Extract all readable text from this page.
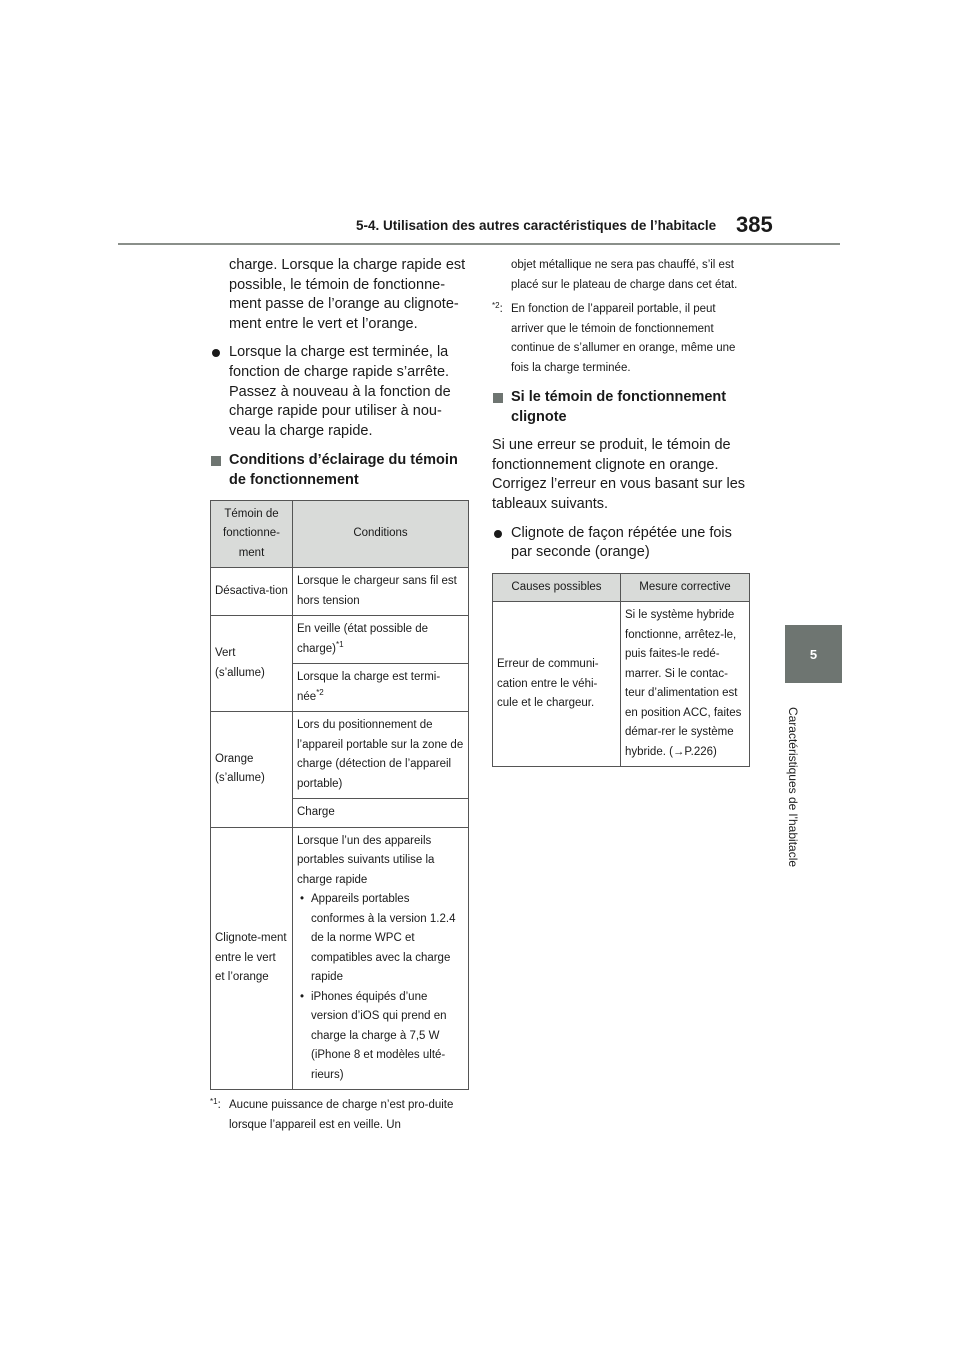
5-4. Utilisation des autres caractéristiques de l’habitacle 385
5
Caractéristiques de l’habitacle

charge. Lorsque la charge rapide est possible, le témoin de fonctionne-ment passe de l’orange au clignote-ment entre le vert et l’orange.

Lorsque la charge est terminée, la fonction de charge rapide s’arrête. Passez à nouveau à la fonction de charge rapide pour utiliser à nou-veau la charge rapide.
Conditions d’éclairage du témoin de fonctionnement
Témoin de fonctionne-ment	Conditions
Désactiva-tion	Lorsque le chargeur sans fil est hors tension
Vert (s’allume)	En veille (état possible de charge)$^{*1}$
	Lorsque la charge est termi-née$^{*2}$
Orange (s’allume)	Lors du positionnement de l’appareil portable sur la zone de charge (détection de l’appareil portable)
	Charge
Clignote-ment entre le vert et l’orange	Lorsque l’un des appareils portables suivants utilise la charge rapide
• Appareils portables conformes à la version 1.2.4 de la norme WPC et compatibles avec la charge rapide
• iPhones équipés d’une version d’iOS qui prend en charge la charge à 7,5 W (iPhone 8 et modèles ulté-rieurs)
$^{*1}$: Aucune puissance de charge n’est pro-duite lorsque l’appareil est en veille. Un
objet métallique ne sera pas chauffé, s’il est placé sur le plateau de charge dans cet état.
$^{*2}$: En fonction de l’appareil portable, il peut arriver que le témoin de fonctionnement continue de s’allumer en orange, même une fois la charge terminée.
Si le témoin de fonctionnement clignote

Si une erreur se produit, le témoin de fonctionnement clignote en orange. Corrigez l’erreur en vous basant sur les tableaux suivants.

Clignote de façon répétée une fois par seconde (orange)
Causes possibles	Mesure corrective
Erreur de communi-cation entre le véhi-cule et le chargeur.	Si le système hybride fonctionne, arrêtez-le, puis faites-le redé-marrer. Si le contac-teur d’alimentation est en position ACC, faites démar-rer le système hybride. (→P.226)
